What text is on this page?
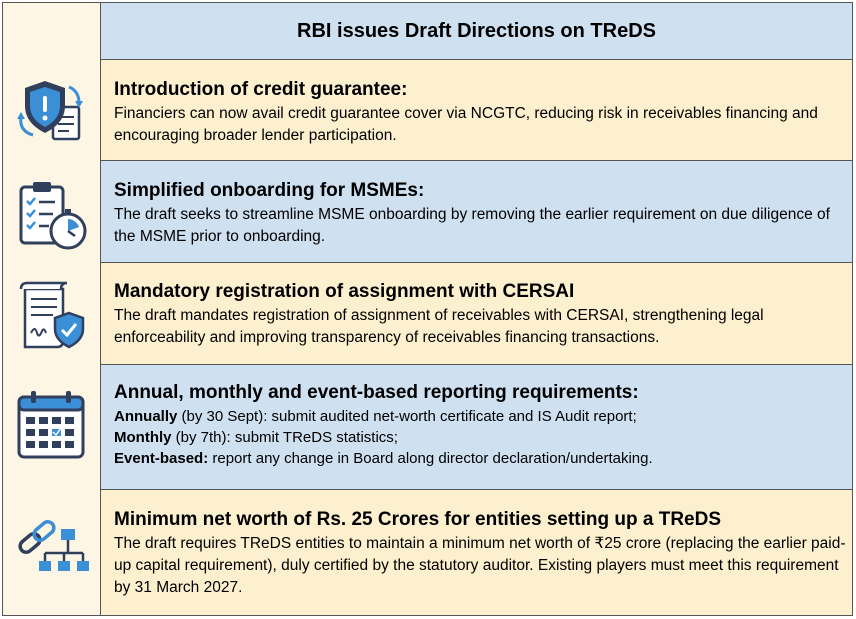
RBI issues Draft Directions on TReDS
Introduction of credit guarantee:

Financiers can now avail credit guarantee cover via NCGTC, reducing risk in receivables financing and encouraging broader lender participation.

Simplified onboarding for MSMEs:

The draft seeks to streamline MSME onboarding by removing the earlier requirement on due diligence of the MSME prior to onboarding.

Mandatory registration of assignment with CERSAI

The draft mandates registration of assignment of receivables with CERSAI, strengthening legal enforceability and improving transparency of receivables financing transactions.

Annual, monthly and event-based reporting requirements:

Annually (by 30 Sept): submit audited net-worth certificate and IS Audit report;

Monthly (by 7th): submit TReDS statistics;

Event-based: report any change in Board along director declaration/undertaking.

Minimum net worth of Rs. 25 Crores for entities setting up a TReDS

The draft requires TReDS entities to maintain a minimum net worth of ₹25 crore (replacing the earlier paid-up capital requirement), duly certified by the statutory auditor. Existing players must meet this requirement by 31 March 2027.
